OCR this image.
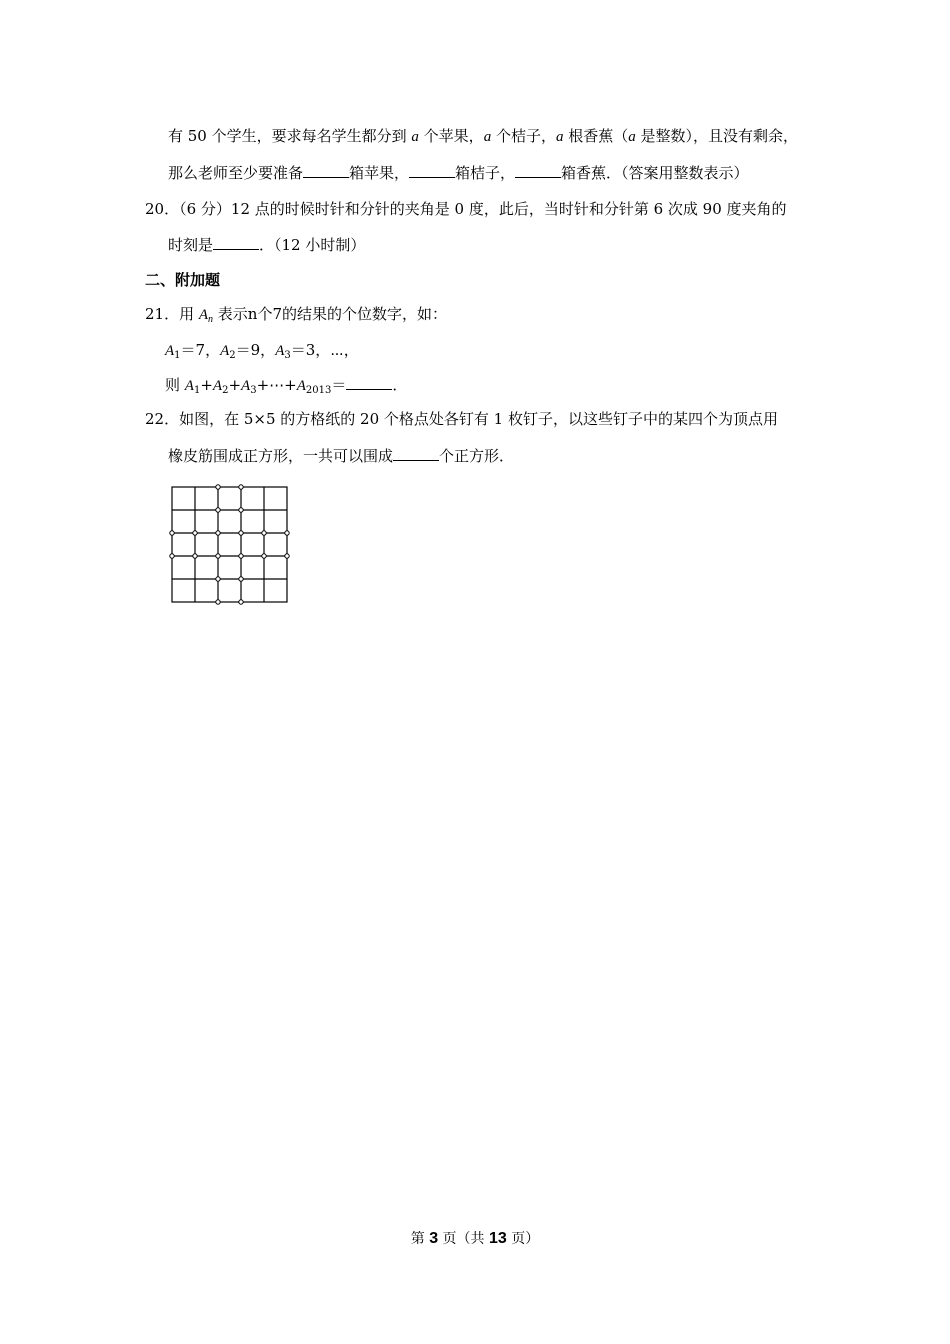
有 50 个学生，要求每名学生都分到 a 个苹果，a 个桔子，a 根香蕉（a 是整数），且没有剩余，
那么老师至少要准备	箱苹果，	箱桔子，	箱香蕉．（答案用整数表示）
20．（6 分）12 点的时候时针和分针的夹角是 0 度，此后，当时针和分针第 6 次成 90 度夹角的
时刻是	．（12 小时制）
二、附加题
21．用 $A_n$ 表示n个7的结果的个位数字，如：
$A_1=7$，$A_2=9$，$A_3=3$，⋯，
则 $A_1+A_2+A_3+\cdots+A_{2013}=$	．
22．如图，在 5×5 的方格纸的 20 个格点处各钉有 1 枚钉子，以这些钉子中的某四个为顶点用
橡皮筋围成正方形，一共可以围成	个正方形．
第 3 页（共 13 页）
